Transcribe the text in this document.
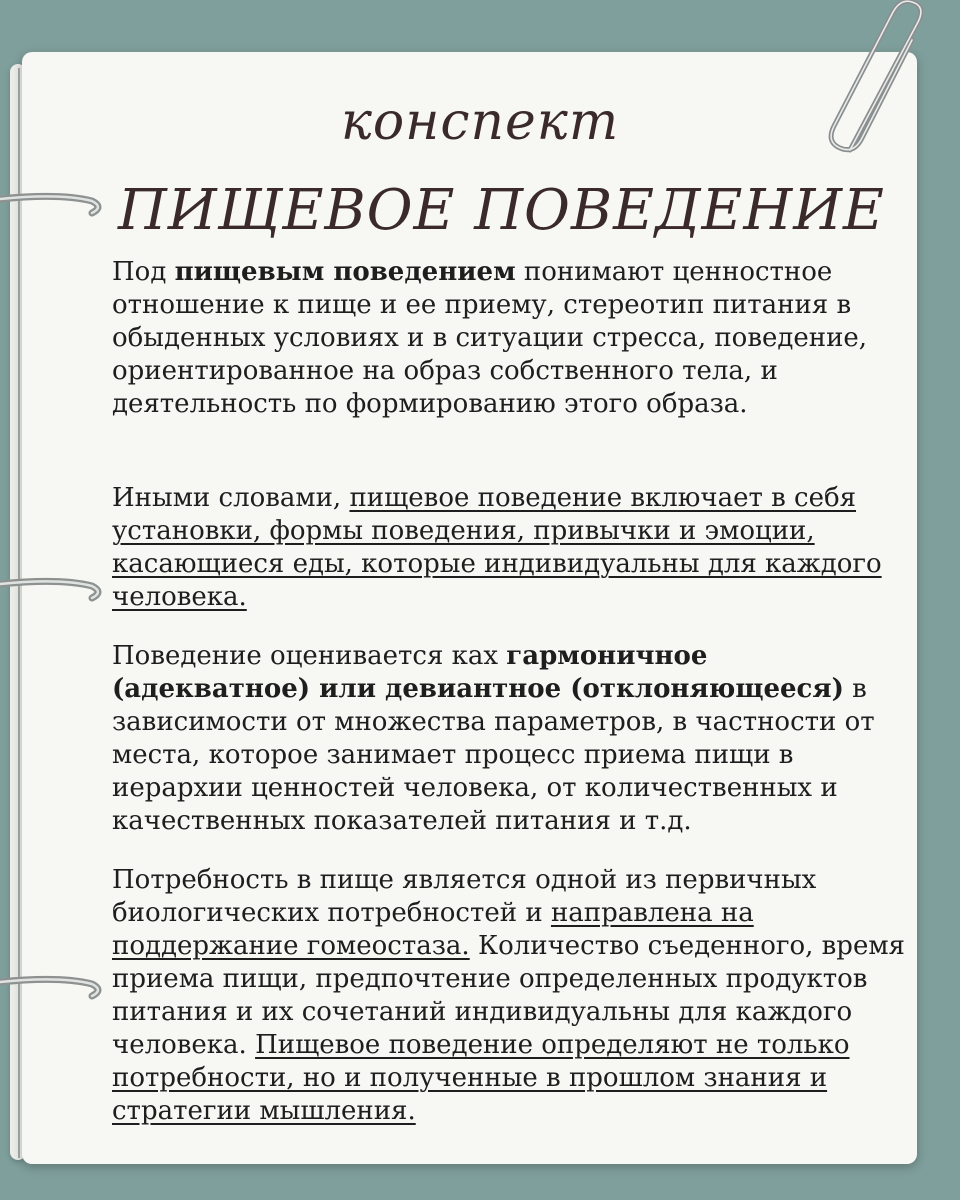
конспект
ПИЩЕВОЕ ПОВЕДЕНИЕ

Под пищевым поведением понимают ценностное отношение к пище и ее приему, стереотип питания в обыденных условиях и в ситуации стресса, поведение, ориентированное на образ собственного тела, и деятельность по формированию этого образа.

Иными словами, пищевое поведение включает в себя установки, формы поведения, привычки и эмоции, касающиеся еды, которые индивидуальны для каждого человека.

Поведение оценивается ках гармоничное (адекватное) или девиантное (отклоняющееся) в зависимости от множества параметров, в частности от места, которое занимает процесс приема пищи в иерархии ценностей человека, от количественных и качественных показателей питания и т.д.

Потребность в пище является одной из первичных биологических потребностей и направлена на поддержание гомеостаза. Количество съеденного, время приема пищи, предпочтение определенных продуктов питания и их сочетаний индивидуальны для каждого человека. Пищевое поведение определяют не только потребности, но и полученные в прошлом знания и стратегии мышления.
